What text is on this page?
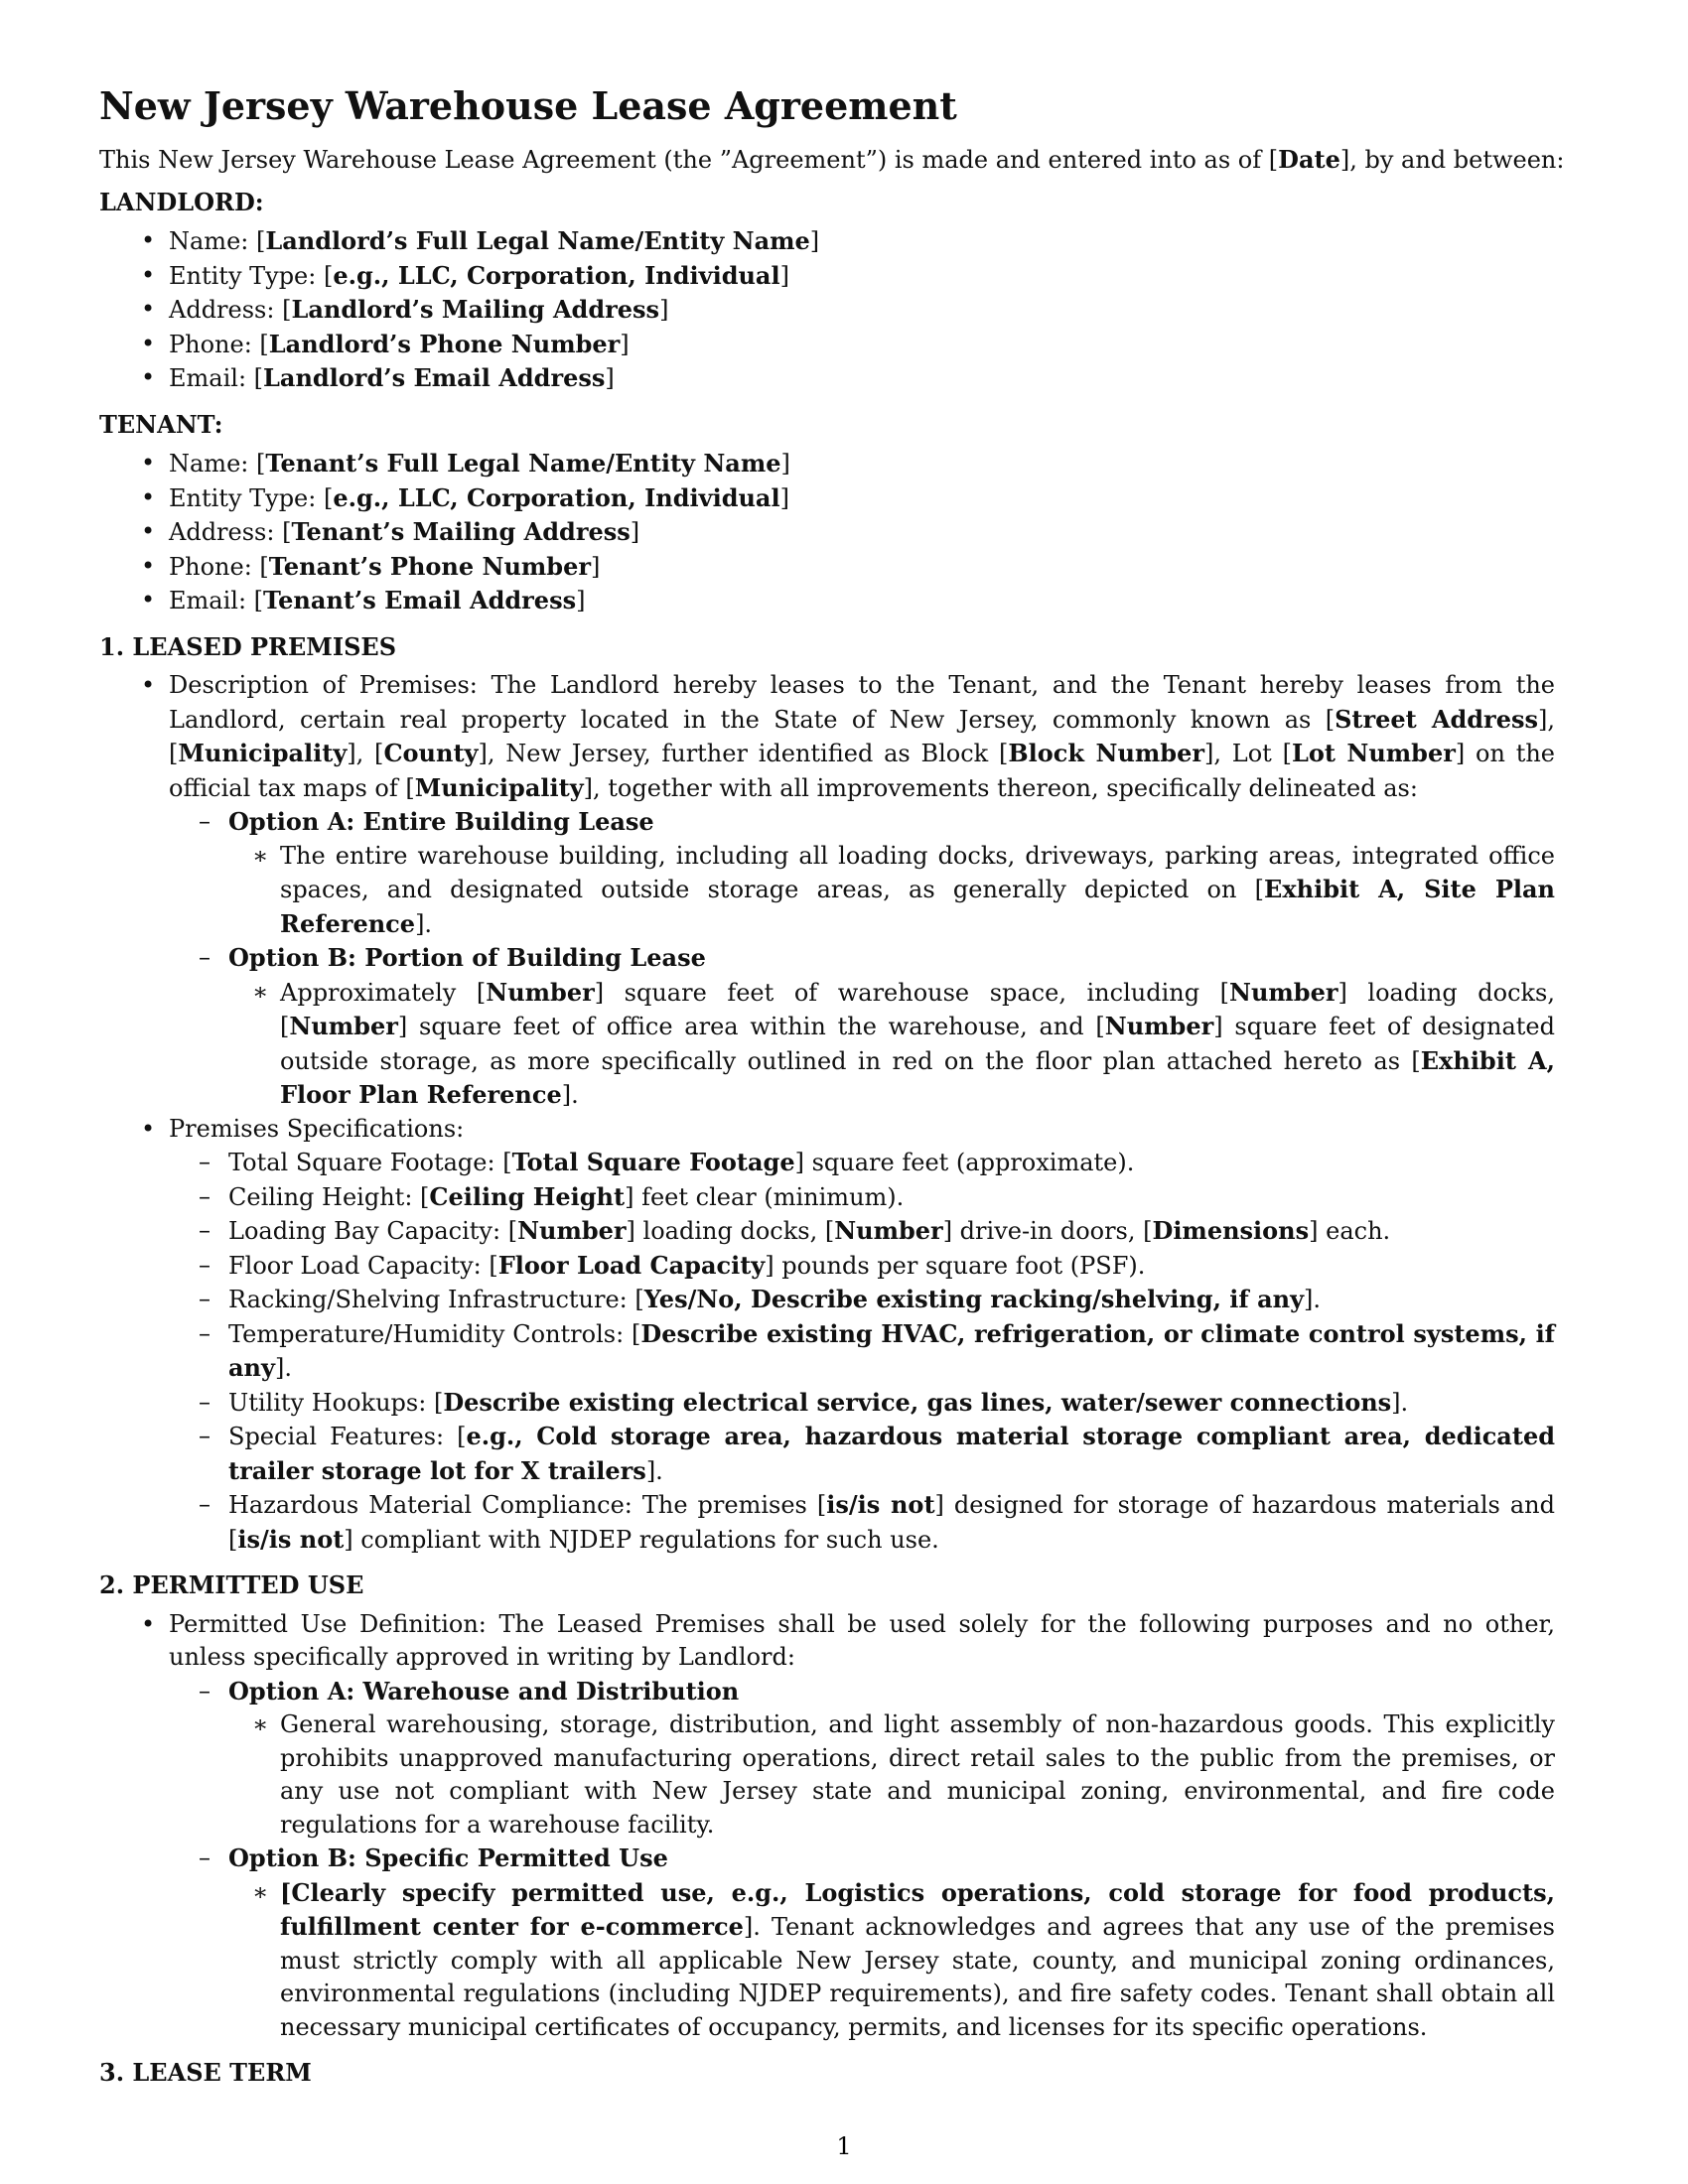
New Jersey Warehouse Lease Agreement

This New Jersey Warehouse Lease Agreement (the ”Agreement”) is made and entered into as of [Date], by and between:

LANDLORD:

• Name: [Landlord’s Full Legal Name/Entity Name]
• Entity Type: [e.g., LLC, Corporation, Individual]
• Address: [Landlord’s Mailing Address]
• Phone: [Landlord’s Phone Number]
• Email: [Landlord’s Email Address]

TENANT:

• Name: [Tenant’s Full Legal Name/Entity Name]
• Entity Type: [e.g., LLC, Corporation, Individual]
• Address: [Tenant’s Mailing Address]
• Phone: [Tenant’s Phone Number]
• Email: [Tenant’s Email Address]

1. LEASED PREMISES

• Description of Premises: The Landlord hereby leases to the Tenant, and the Tenant hereby leases from the Landlord, certain real property located in the State of New Jersey, commonly known as [Street Address], [Municipality], [County], New Jersey, further identified as Block [Block Number], Lot [Lot Number] on the official tax maps of [Municipality], together with all improvements thereon, specifically delineated as:
– Option A: Entire Building Lease
∗ The entire warehouse building, including all loading docks, driveways, parking areas, integrated office spaces, and designated outside storage areas, as generally depicted on [Exhibit A, Site Plan Reference].
– Option B: Portion of Building Lease
∗ Approximately [Number] square feet of warehouse space, including [Number] loading docks, [Number] square feet of office area within the warehouse, and [Number] square feet of designated outside storage, as more specifically outlined in red on the floor plan attached hereto as [Exhibit A, Floor Plan Reference].
• Premises Specifications:
– Total Square Footage: [Total Square Footage] square feet (approximate).
– Ceiling Height: [Ceiling Height] feet clear (minimum).
– Loading Bay Capacity: [Number] loading docks, [Number] drive-in doors, [Dimensions] each.
– Floor Load Capacity: [Floor Load Capacity] pounds per square foot (PSF).
– Racking/Shelving Infrastructure: [Yes/No, Describe existing racking/shelving, if any].
– Temperature/Humidity Controls: [Describe existing HVAC, refrigeration, or climate control systems, if any].
– Utility Hookups: [Describe existing electrical service, gas lines, water/sewer connections].
– Special Features: [e.g., Cold storage area, hazardous material storage compliant area, dedicated trailer storage lot for X trailers].
– Hazardous Material Compliance: The premises [is/is not] designed for storage of hazardous materials and [is/is not] compliant with NJDEP regulations for such use.

2. PERMITTED USE

• Permitted Use Definition: The Leased Premises shall be used solely for the following purposes and no other, unless specifically approved in writing by Landlord:
– Option A: Warehouse and Distribution
∗ General warehousing, storage, distribution, and light assembly of non-hazardous goods. This explicitly prohibits unapproved manufacturing operations, direct retail sales to the public from the premises, or any use not compliant with New Jersey state and municipal zoning, environmental, and fire code regulations for a warehouse facility.
– Option B: Specific Permitted Use
∗ [Clearly specify permitted use, e.g., Logistics operations, cold storage for food products, fulfillment center for e-commerce]. Tenant acknowledges and agrees that any use of the premises must strictly comply with all applicable New Jersey state, county, and municipal zoning ordinances, environmental regulations (including NJDEP requirements), and fire safety codes. Tenant shall obtain all necessary municipal certificates of occupancy, permits, and licenses for its specific operations.

3. LEASE TERM

1
